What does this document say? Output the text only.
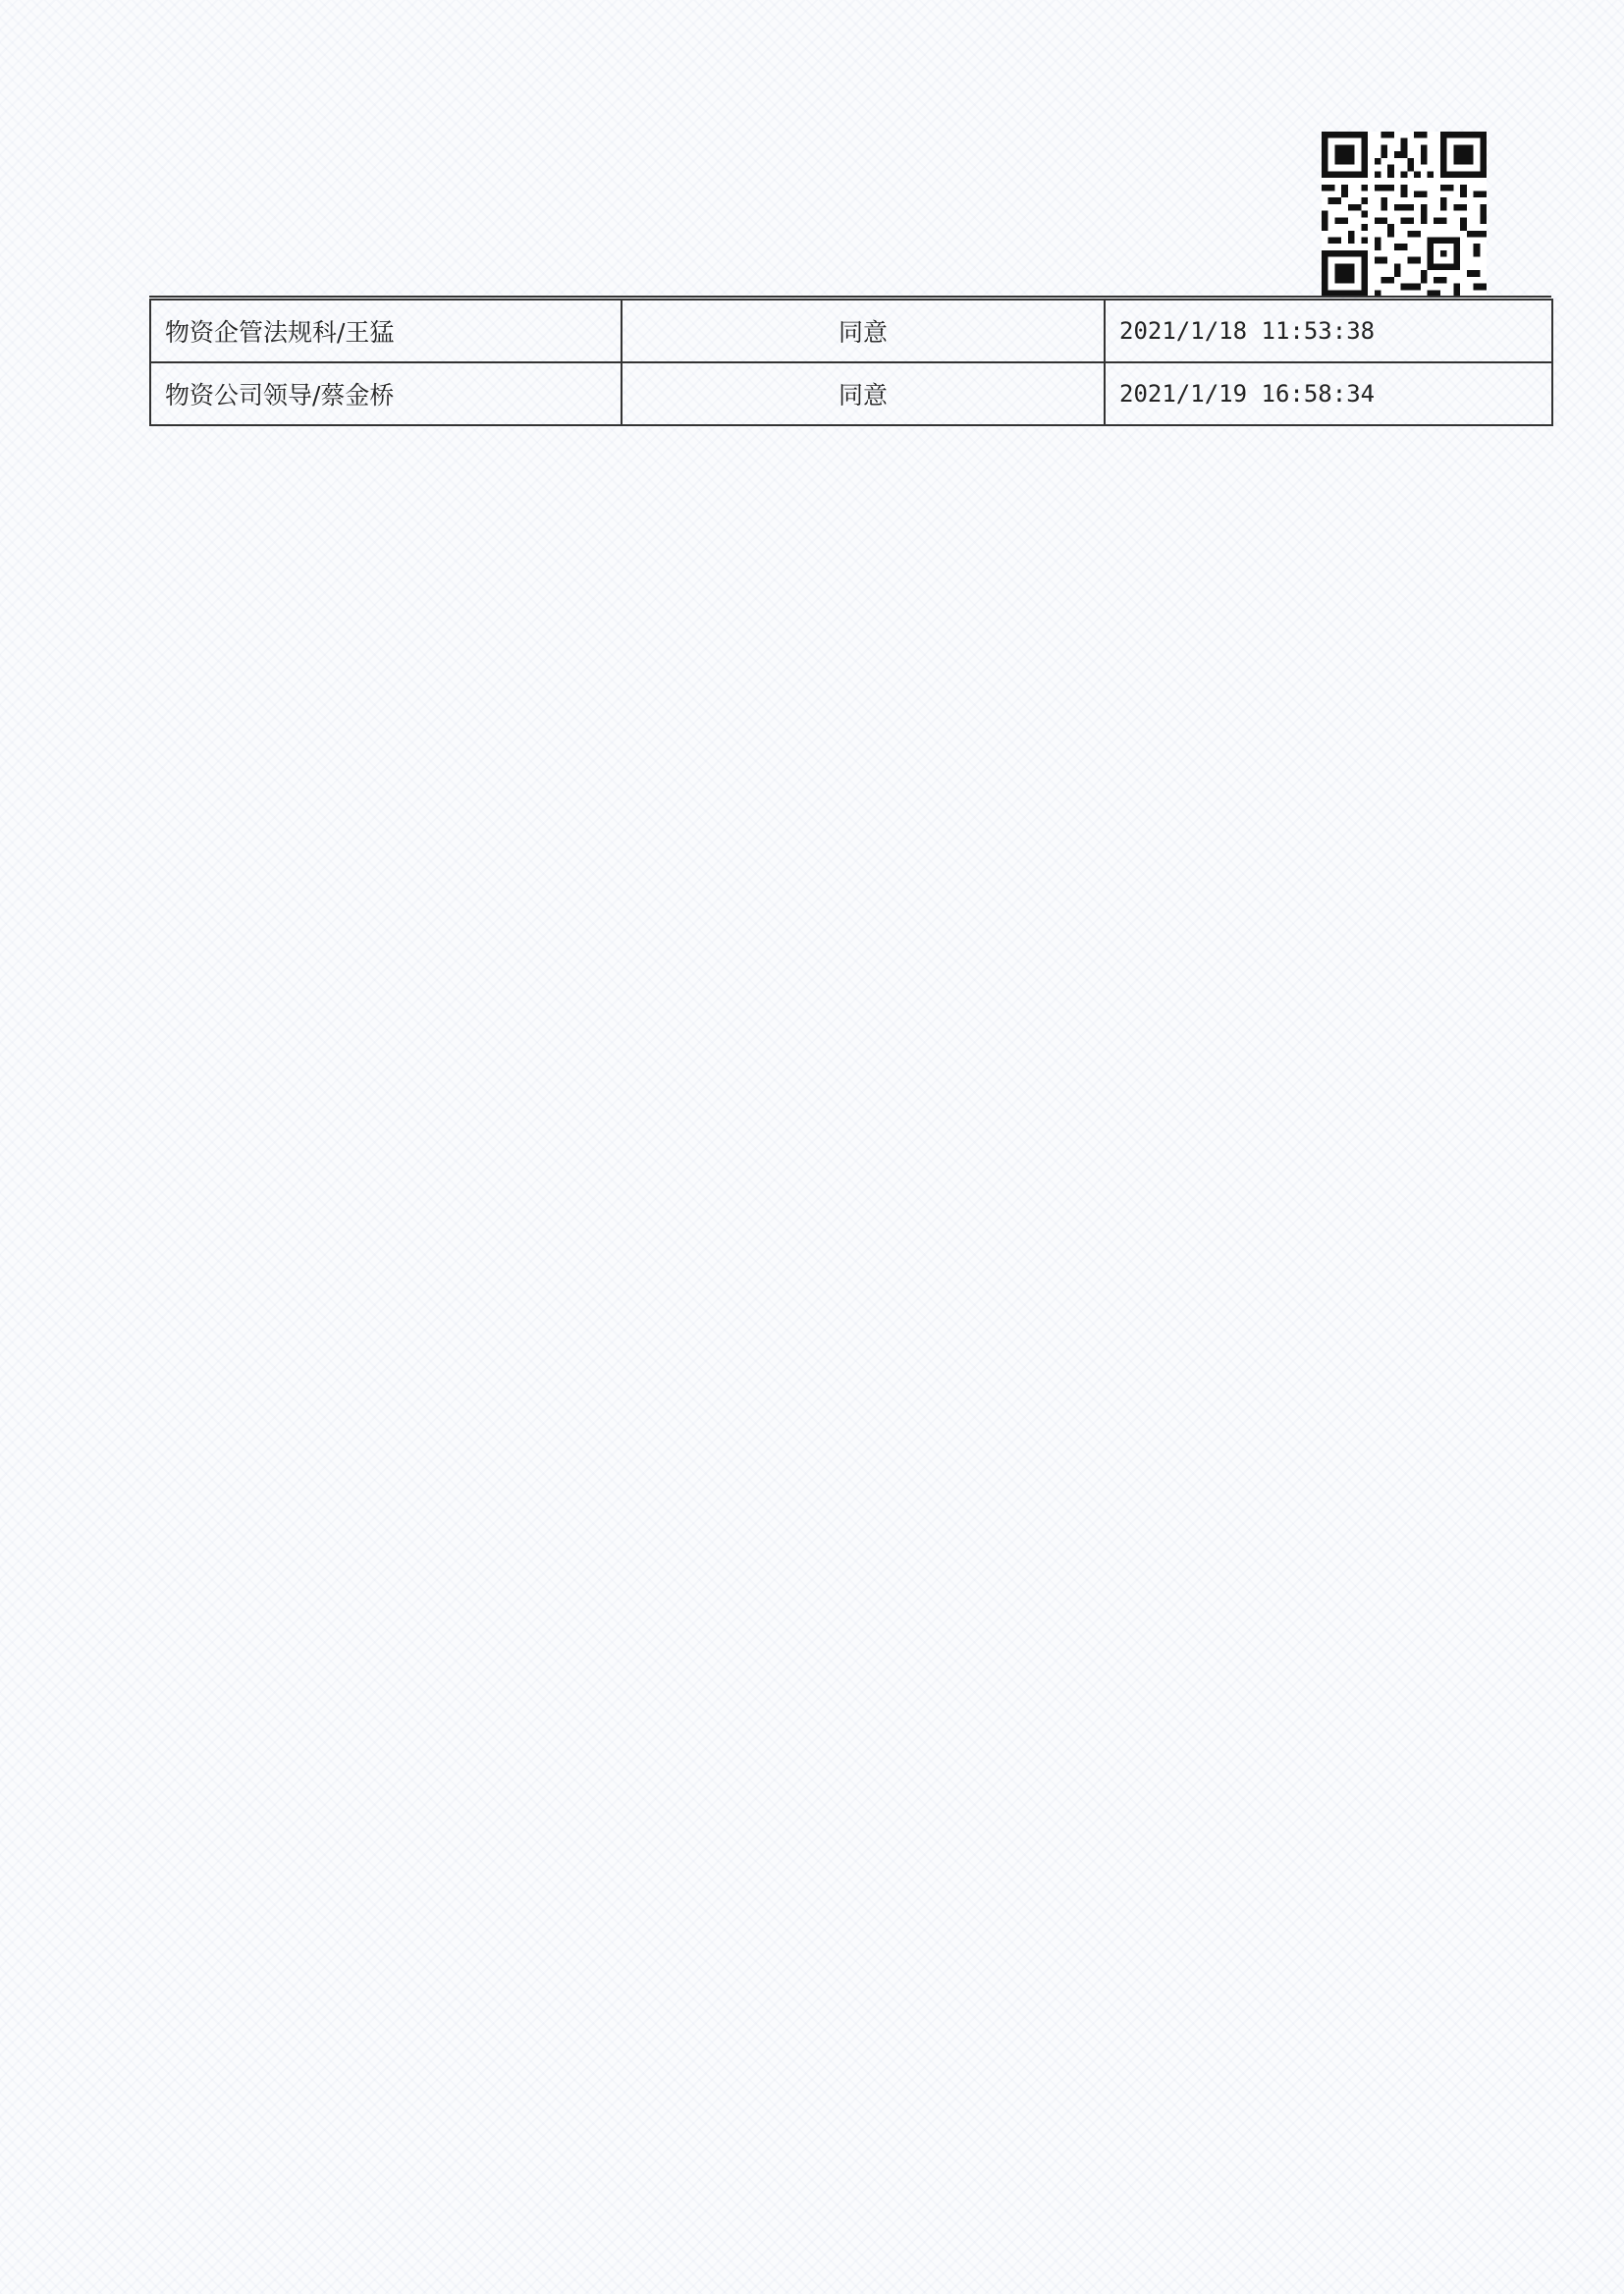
物资企管法规科/王猛	同意	2021/1/18 11:53:38
物资公司领导/蔡金桥	同意	2021/1/19 16:58:34
